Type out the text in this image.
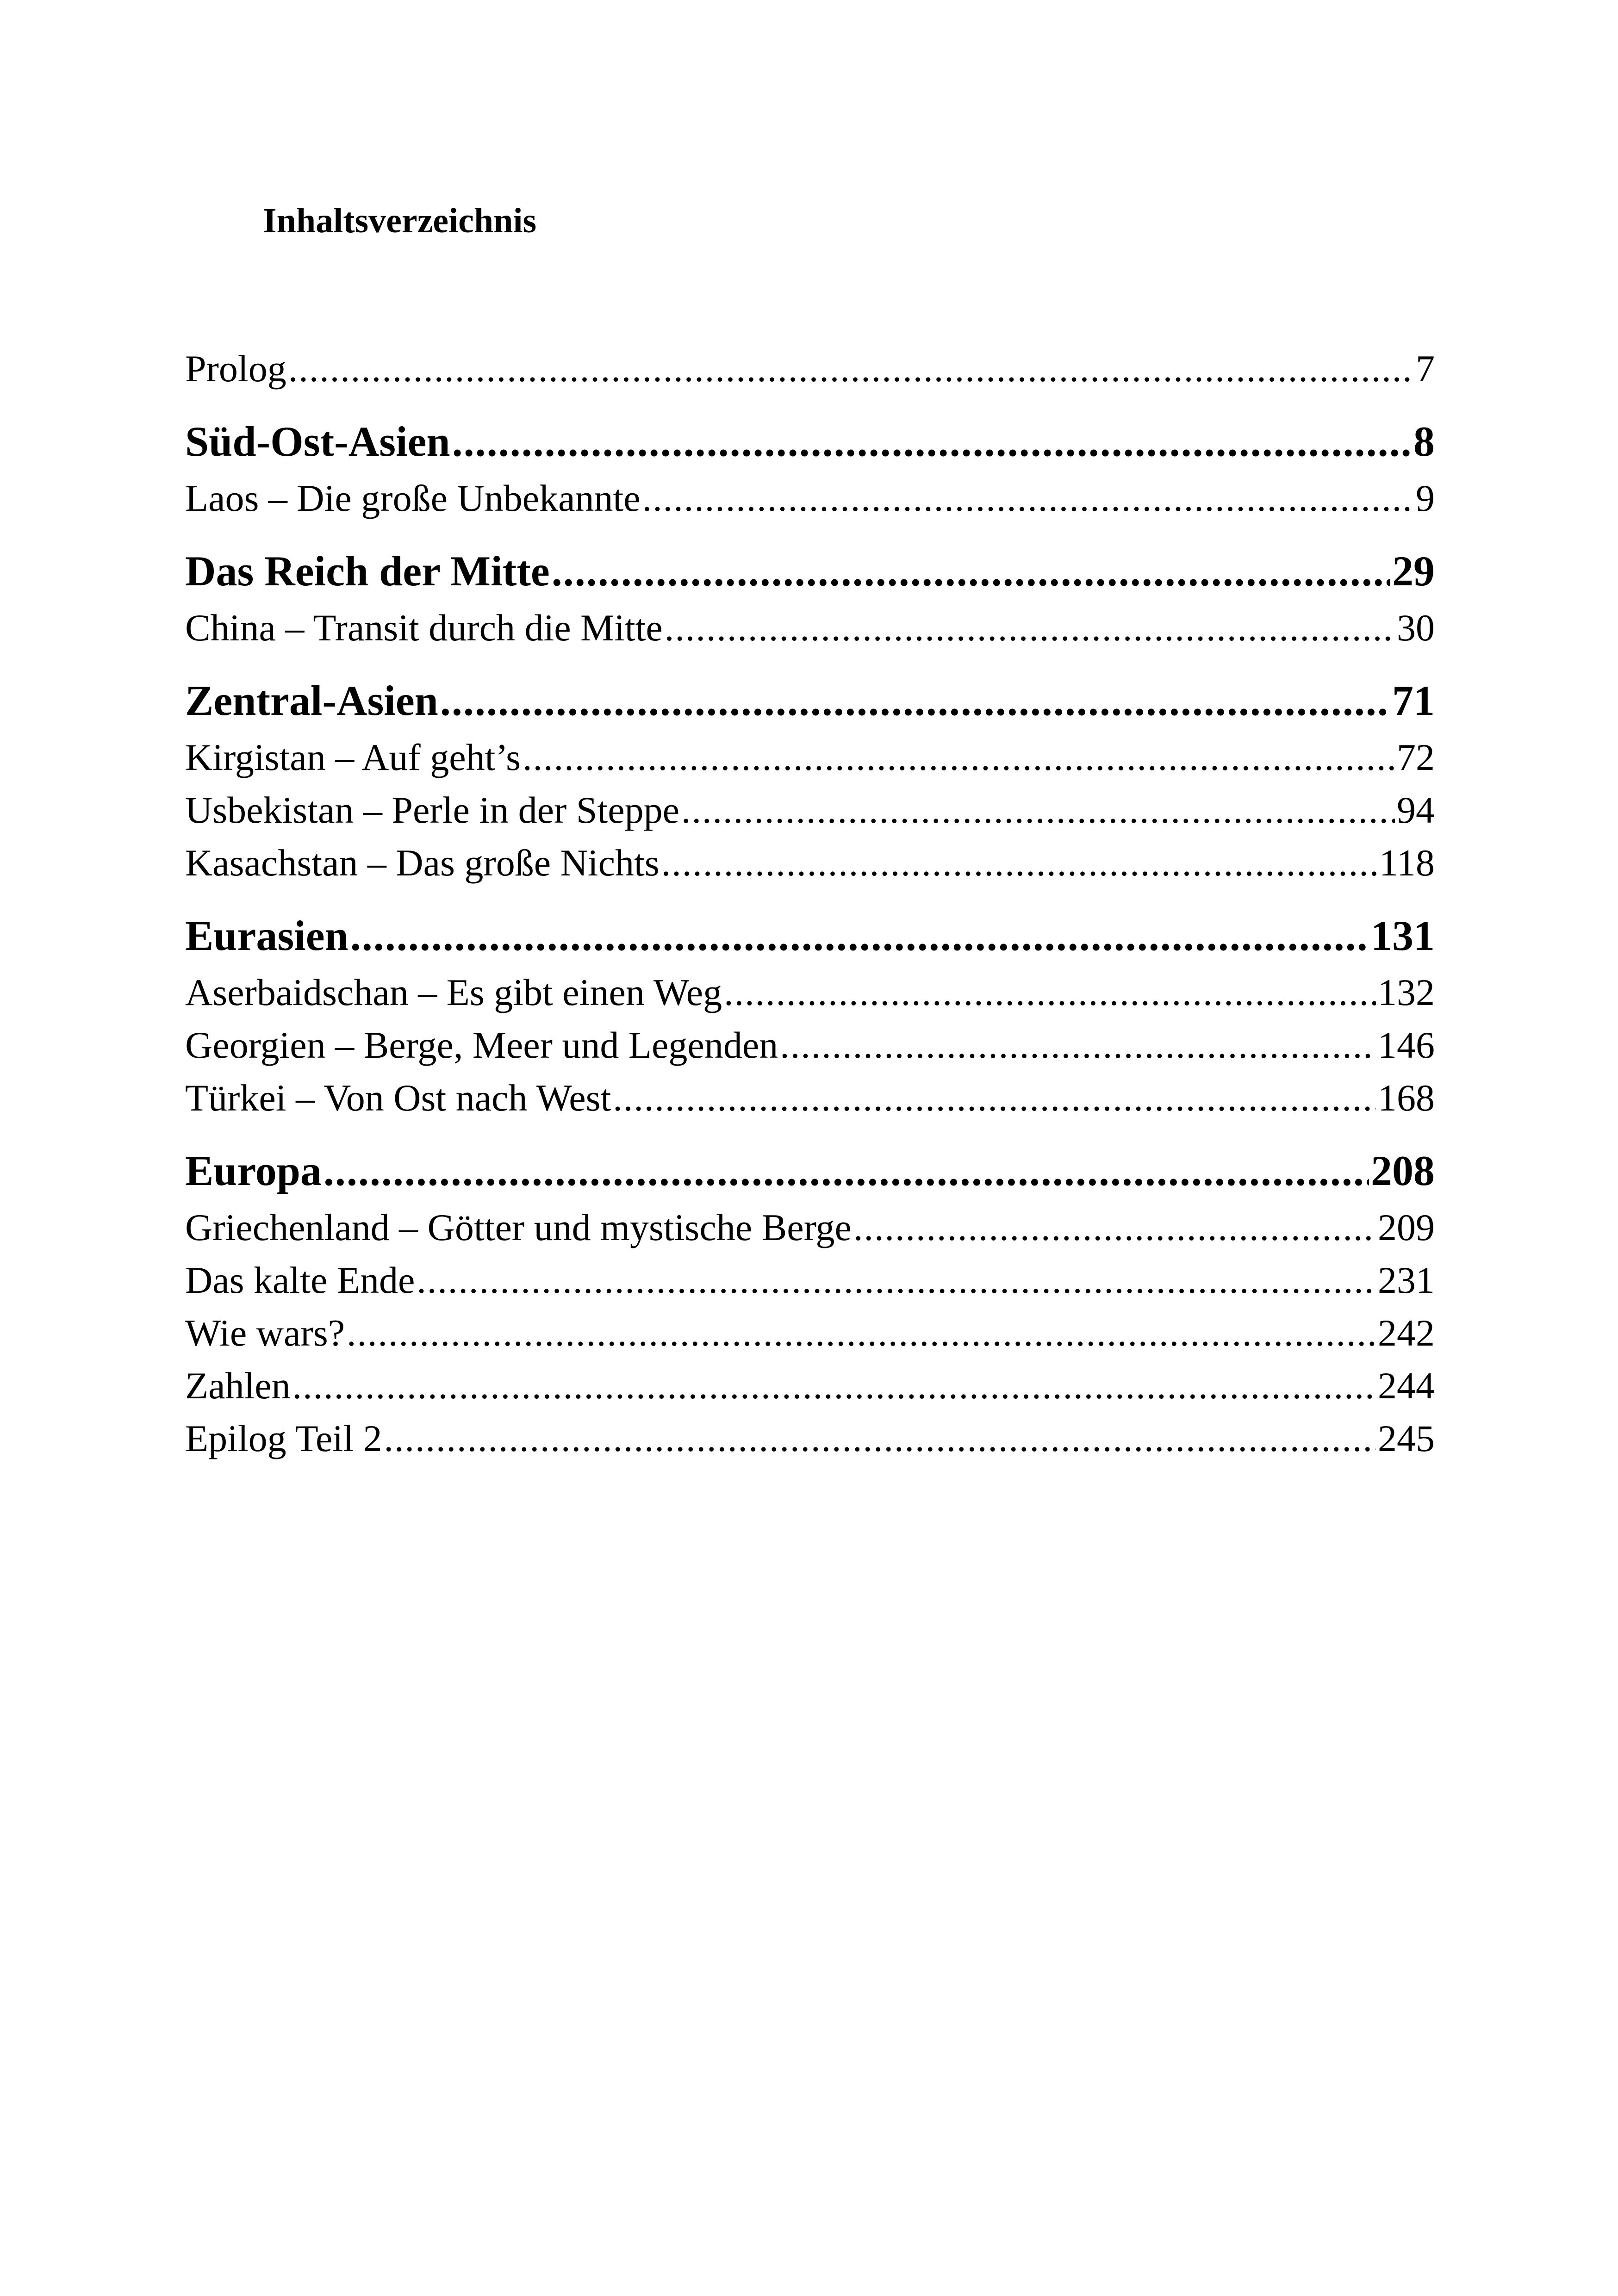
Inhaltsverzeichnis
Prolog .....	7
Süd-Ost-Asien .....	8
Laos – Die große Unbekannte .....	9
Das Reich der Mitte .....	29
China – Transit durch die Mitte .....	30
Zentral-Asien .....	71
Kirgistan – Auf geht’s .....	72
Usbekistan – Perle in der Steppe .....	94
Kasachstan – Das große Nichts .....	118
Eurasien .....	131
Aserbaidschan – Es gibt einen Weg .....	132
Georgien – Berge, Meer und Legenden .....	146
Türkei – Von Ost nach West .....	168
Europa .....	208
Griechenland – Götter und mystische Berge .....	209
Das kalte Ende .....	231
Wie wars? .....	242
Zahlen .....	244
Epilog Teil 2 .....	245
